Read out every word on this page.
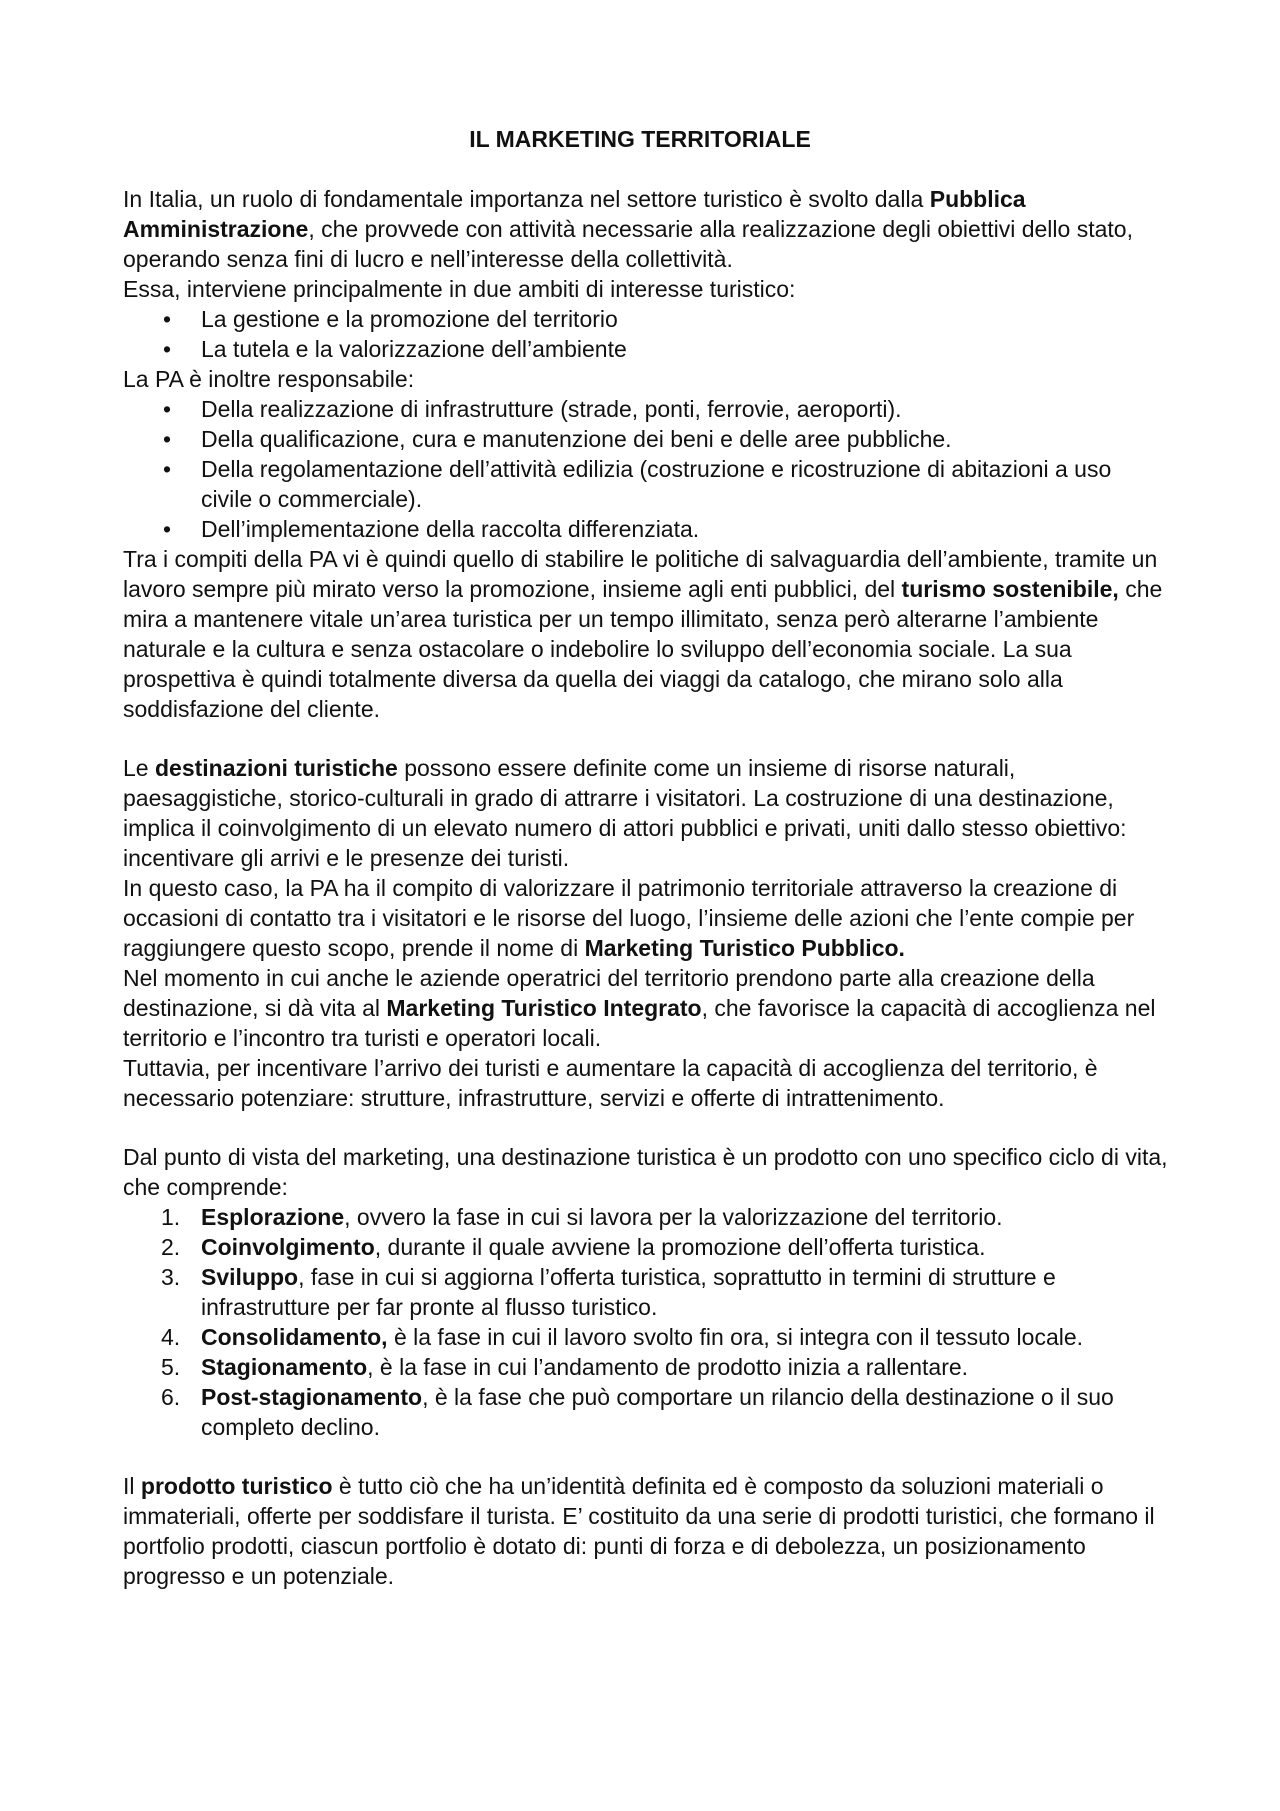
IL MARKETING TERRITORIALE

In Italia, un ruolo di fondamentale importanza nel settore turistico è svolto dalla Pubblica Amministrazione, che provvede con attività necessarie alla realizzazione degli obiettivi dello stato, operando senza fini di lucro e nell’interesse della collettività.

Essa, interviene principalmente in due ambiti di interesse turistico:

• La gestione e la promozione del territorio
• La tutela e la valorizzazione dell’ambiente

La PA è inoltre responsabile:

• Della realizzazione di infrastrutture (strade, ponti, ferrovie, aeroporti).
• Della qualificazione, cura e manutenzione dei beni e delle aree pubbliche.
• Della regolamentazione dell’attività edilizia (costruzione e ricostruzione di abitazioni a uso civile o commerciale).
• Dell’implementazione della raccolta differenziata.

Tra i compiti della PA vi è quindi quello di stabilire le politiche di salvaguardia dell’ambiente, tramite un lavoro sempre più mirato verso la promozione, insieme agli enti pubblici, del turismo sostenibile, che mira a mantenere vitale un’area turistica per un tempo illimitato, senza però alterarne l’ambiente naturale e la cultura e senza ostacolare o indebolire lo sviluppo dell’economia sociale. La sua prospettiva è quindi totalmente diversa da quella dei viaggi da catalogo, che mirano solo alla soddisfazione del cliente.

Le destinazioni turistiche possono essere definite come un insieme di risorse naturali, paesaggistiche, storico-culturali in grado di attrarre i visitatori. La costruzione di una destinazione, implica il coinvolgimento di un elevato numero di attori pubblici e privati, uniti dallo stesso obiettivo: incentivare gli arrivi e le presenze dei turisti.

In questo caso, la PA ha il compito di valorizzare il patrimonio territoriale attraverso la creazione di occasioni di contatto tra i visitatori e le risorse del luogo, l’insieme delle azioni che l’ente compie per raggiungere questo scopo, prende il nome di Marketing Turistico Pubblico.

Nel momento in cui anche le aziende operatrici del territorio prendono parte alla creazione della destinazione, si dà vita al Marketing Turistico Integrato, che favorisce la capacità di accoglienza nel territorio e l’incontro tra turisti e operatori locali.

Tuttavia, per incentivare l’arrivo dei turisti e aumentare la capacità di accoglienza del territorio, è necessario potenziare: strutture, infrastrutture, servizi e offerte di intrattenimento.

Dal punto di vista del marketing, una destinazione turistica è un prodotto con uno specifico ciclo di vita, che comprende:

1. Esplorazione, ovvero la fase in cui si lavora per la valorizzazione del territorio.
2. Coinvolgimento, durante il quale avviene la promozione dell’offerta turistica.
3. Sviluppo, fase in cui si aggiorna l’offerta turistica, soprattutto in termini di strutture e infrastrutture per far pronte al flusso turistico.
4. Consolidamento, è la fase in cui il lavoro svolto fin ora, si integra con il tessuto locale.
5. Stagionamento, è la fase in cui l’andamento de prodotto inizia a rallentare.
6. Post-stagionamento, è la fase che può comportare un rilancio della destinazione o il suo completo declino.

Il prodotto turistico è tutto ciò che ha un’identità definita ed è composto da soluzioni materiali o immateriali, offerte per soddisfare il turista. E’ costituito da una serie di prodotti turistici, che formano il portfolio prodotti, ciascun portfolio è dotato di: punti di forza e di debolezza, un posizionamento progresso e un potenziale.
